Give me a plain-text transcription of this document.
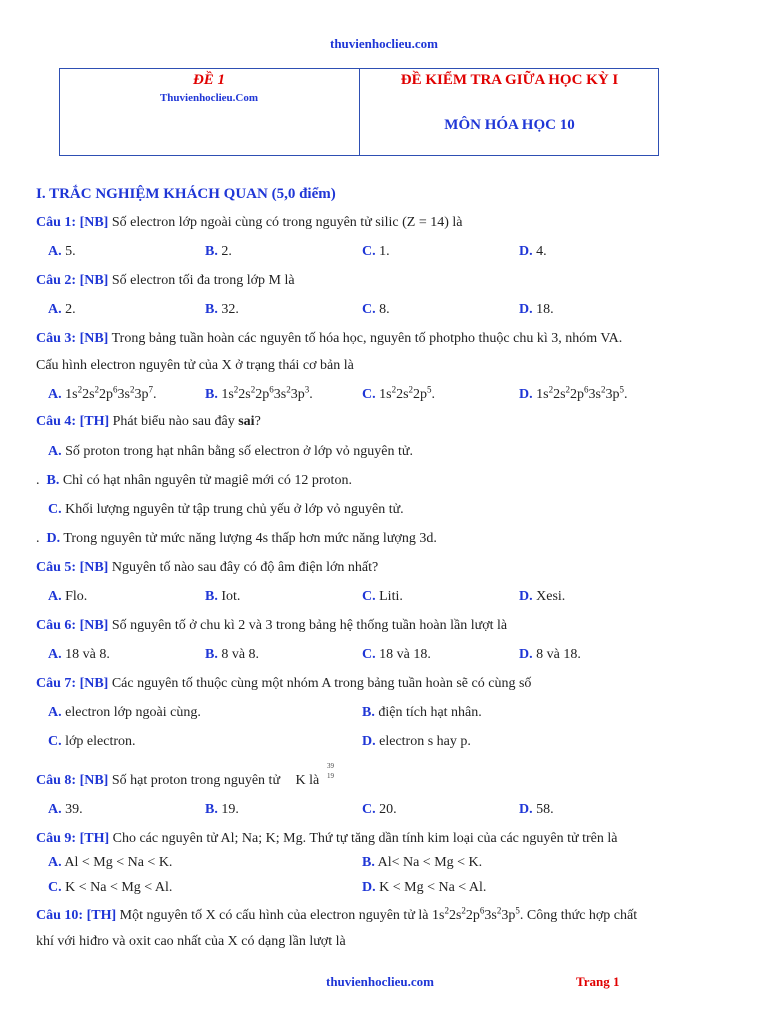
thuvienhoclieu.com
ĐỀ 1
Thuvienhoclieu.Com
ĐỀ KIỂM TRA GIỮA HỌC KỲ I
MÔN HÓA HỌC 10
I. TRẮC NGHIỆM KHÁCH QUAN (5,0 điểm)
Câu 1: [NB] Số electron lớp ngoài cùng có trong nguyên tử silic (Z = 14) là
A. 5.	B. 2.	C. 1.	D. 4.
Câu 2: [NB] Số electron tối đa trong lớp M là
A. 2.	B. 32.	C. 8.	D. 18.
Câu 3: [NB] Trong bảng tuần hoàn các nguyên tố hóa học, nguyên tố photpho thuộc chu kì 3, nhóm VA.
Cấu hình electron nguyên tử của X ở trạng thái cơ bản là
A. $1s^22s^22p^63s^23p^7$.	B. $1s^22s^22p^63s^23p^3$.	C. $1s^22s^22p^5$.	D. $1s^22s^22p^63s^23p^5$.
Câu 4: [TH] Phát biểu nào sau đây sai?
A. Số proton trong hạt nhân bằng số electron ở lớp vỏ nguyên tử.
. B. Chỉ có hạt nhân nguyên tử magiê mới có 12 proton.
C. Khối lượng nguyên tử tập trung chủ yếu ở lớp vỏ nguyên tử.
. D. Trong nguyên tử mức năng lượng 4s thấp hơn mức năng lượng 3d.
Câu 5: [NB] Nguyên tố nào sau đây có độ âm điện lớn nhất?
A. Flo.	B. Iot.	C. Liti.	D. Xesi.
Câu 6: [NB] Số nguyên tố ở chu kì 2 và 3 trong bảng hệ thống tuần hoàn lần lượt là
A. 18 và 8.	B. 8 và 8.	C. 18 và 18.	D. 8 và 18.
Câu 7: [NB] Các nguyên tố thuộc cùng một nhóm A trong bảng tuần hoàn sẽ có cùng số
A. electron lớp ngoài cùng.	B. điện tích hạt nhân.
C. lớp electron.	D. electron s hay p.
Câu 8: [NB] Số hạt proton trong nguyên tử K là
39
19
A. 39.	B. 19.	C. 20.	D. 58.
Câu 9: [TH] Cho các nguyên tử Al; Na; K; Mg. Thứ tự tăng dần tính kim loại của các nguyên tử trên là
A. Al < Mg < Na < K.	B. Al< Na < Mg < K.
C. K < Na < Mg < Al.	D. K < Mg < Na < Al.
Câu 10: [TH] Một nguyên tố X có cấu hình của electron nguyên tử là $1s^22s^22p^63s^23p^5$. Công thức hợp chất
khí với hiđro và oxit cao nhất của X có dạng lần lượt là
thuvienhoclieu.com	Trang 1
